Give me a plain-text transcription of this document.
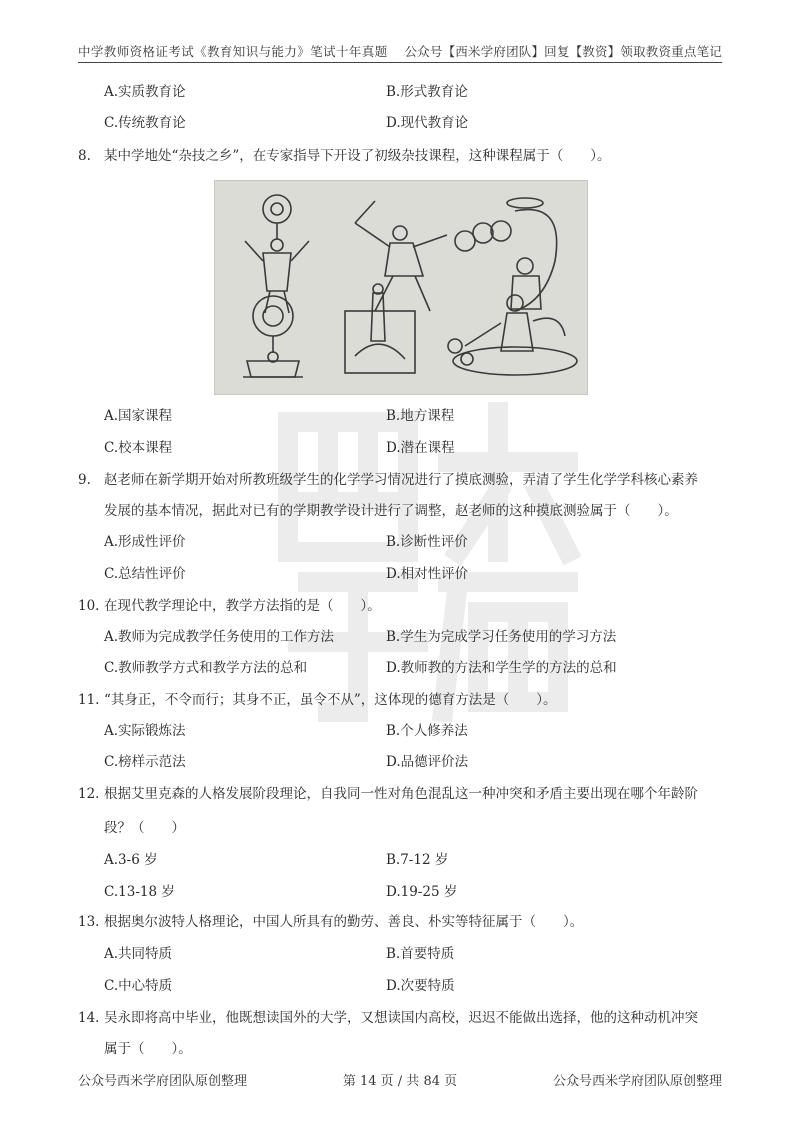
中学教师资格证考试《教育知识与能力》笔试十年真题 公众号【西米学府团队】回复【教资】领取教资重点笔记
A.实质教育论	B.形式教育论
C.传统教育论	D.现代教育论
8. 某中学地处“杂技之乡”，在专家指导下开设了初级杂技课程，这种课程属于（　　）。
A.国家课程	B.地方课程
C.校本课程	D.潜在课程
9. 赵老师在新学期开始对所教班级学生的化学学习情况进行了摸底测验，弄清了学生化学学科核心素养
发展的基本情况，据此对已有的学期教学设计进行了调整，赵老师的这种摸底测验属于（　　）。
A.形成性评价	B.诊断性评价
C.总结性评价	D.相对性评价
10. 在现代教学理论中，教学方法指的是（　　）。
A.教师为完成教学任务使用的工作方法	B.学生为完成学习任务使用的学习方法
C.教师教学方式和教学方法的总和	D.教师教的方法和学生学的方法的总和
11. “其身正，不令而行；其身不正，虽令不从”，这体现的德育方法是（　　）。
A.实际锻炼法	B.个人修养法
C.榜样示范法	D.品德评价法
12. 根据艾里克森的人格发展阶段理论，自我同一性对角色混乱这一种冲突和矛盾主要出现在哪个年龄阶
段？（　　）
A.3-6 岁	B.7-12 岁
C.13-18 岁	D.19-25 岁
13. 根据奥尔波特人格理论，中国人所具有的勤劳、善良、朴实等特征属于（　　）。
A.共同特质	B.首要特质
C.中心特质	D.次要特质
14. 吴永即将高中毕业，他既想读国外的大学，又想读国内高校，迟迟不能做出选择，他的这种动机冲突
属于（　　）。
公众号西米学府团队原创整理	第 14 页 / 共 84 页	公众号西米学府团队原创整理
